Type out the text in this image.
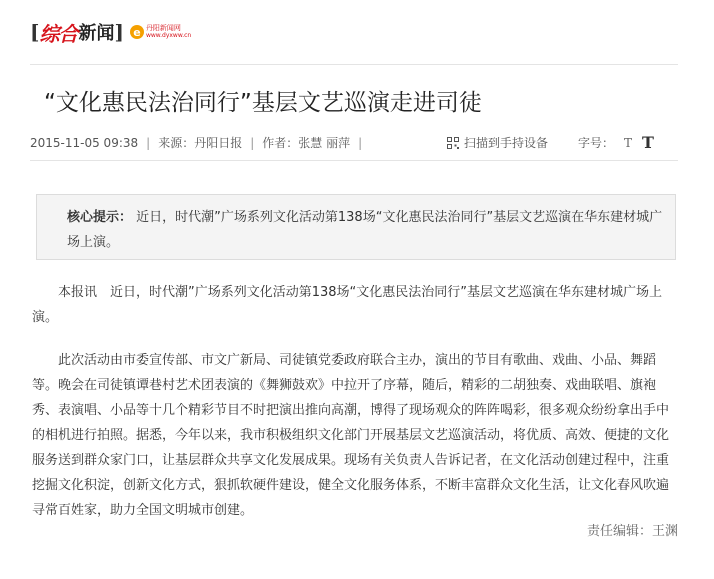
[ 综合 新闻 ] e 丹阳新闻网
www.dyxww.cn
“文化惠民法治同行”基层文艺巡演走进司徒
2015-11-05 09:38 | 来源：丹阳日报 | 作者：张慧 丽萍 |	扫描到手持设备 字号： T T
核心提示： 近日，时代潮”广场系列文化活动第138场“文化惠民法治同行”基层文艺巡演在华东建材城广场上演。

本报讯　近日，时代潮”广场系列文化活动第138场“文化惠民法治同行”基层文艺巡演在华东建材城广场上演。

此次活动由市委宣传部、市文广新局、司徒镇党委政府联合主办，演出的节目有歌曲、戏曲、小品、舞蹈等。晚会在司徒镇谭巷村艺术团表演的《舞狮鼓欢》中拉开了序幕，随后，精彩的二胡独奏、戏曲联唱、旗袍秀、表演唱、小品等十几个精彩节目不时把演出推向高潮，博得了现场观众的阵阵喝彩，很多观众纷纷拿出手中的相机进行拍照。据悉，今年以来，我市积极组织文化部门开展基层文艺巡演活动，将优质、高效、便捷的文化服务送到群众家门口，让基层群众共享文化发展成果。现场有关负责人告诉记者，在文化活动创建过程中，注重挖掘文化积淀，创新文化方式，狠抓软硬件建设，健全文化服务体系，不断丰富群众文化生活，让文化春风吹遍寻常百姓家，助力全国文明城市创建。

责任编辑：王渊
